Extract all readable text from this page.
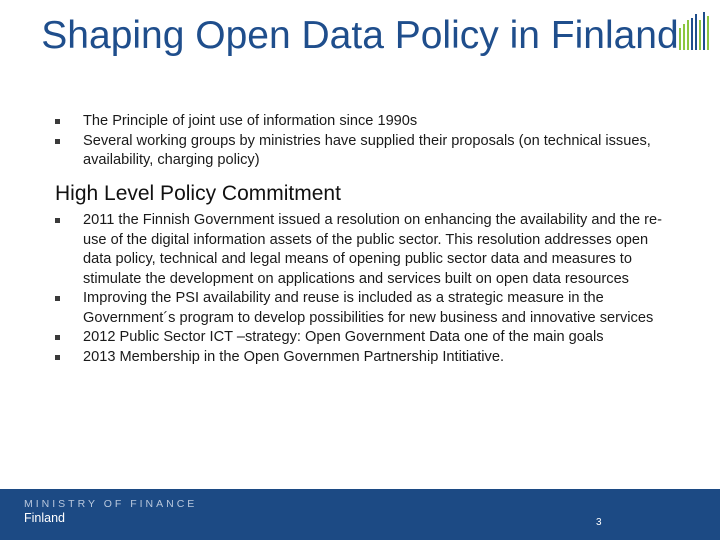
Shaping Open Data Policy in Finland
The Principle of joint use of information since 1990s
Several working groups by ministries have supplied their proposals (on technical issues, availability, charging policy)
High Level Policy Commitment
2011 the Finnish Government issued a resolution on enhancing the availability and the re-use of the digital information assets of the public sector. This resolution addresses open data policy, technical and legal means of opening public sector data and measures to stimulate the development on applications and services built on open data resources
Improving the PSI availability and reuse is included as a strategic measure in the Government´s program to develop possibilities for new business and innovative services
2012 Public Sector ICT –strategy: Open Government Data one of the main goals
2013 Membership in the Open Governmen Partnership Intitiative.
MINISTRY OF FINANCE
Finland	3
